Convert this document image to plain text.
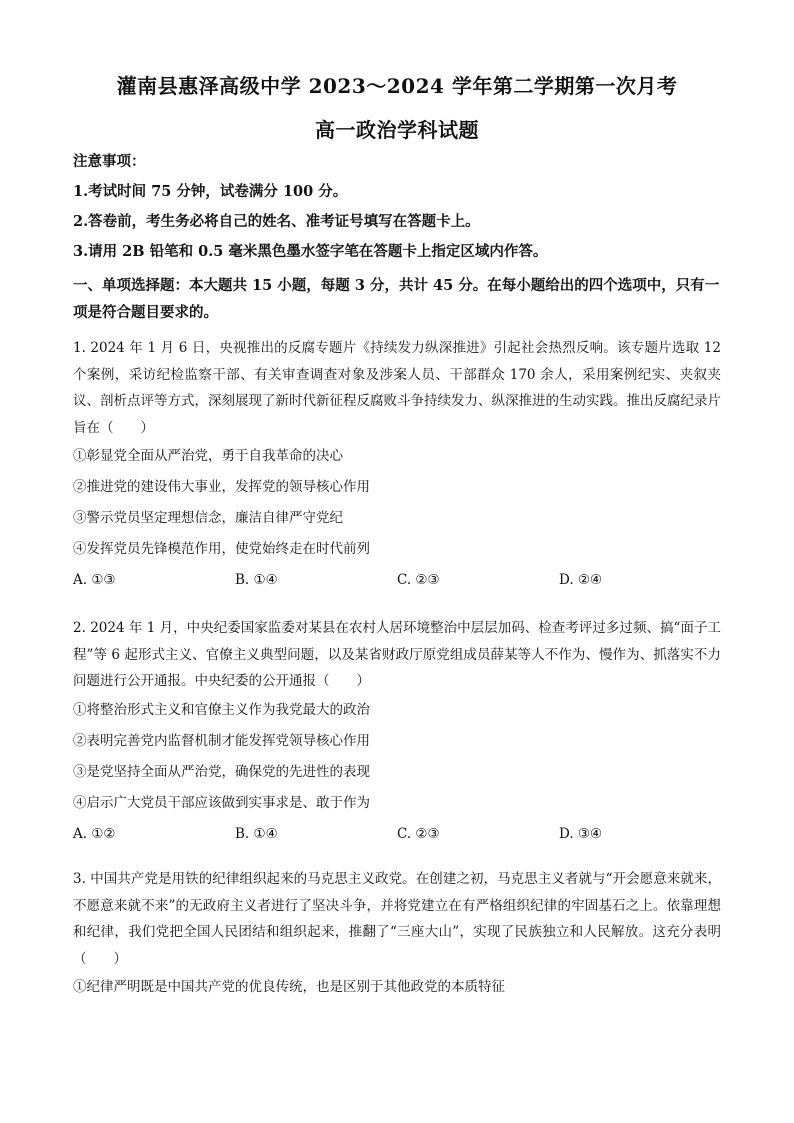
灌南县惠泽高级中学 2023～2024 学年第二学期第一次月考
高一政治学科试题

注意事项：

1.考试时间 75 分钟，试卷满分 100 分。

2.答卷前，考生务必将自己的姓名、准考证号填写在答题卡上。

3.请用 2B 铅笔和 0.5 毫米黑色墨水签字笔在答题卡上指定区域内作答。

一、单项选择题：本大题共 15 小题，每题 3 分，共计 45 分。在每小题给出的四个选项中，只有一项是符合题目要求的。

1. 2024 年 1 月 6 日，央视推出的反腐专题片《持续发力纵深推进》引起社会热烈反响。该专题片选取 12 个案例，采访纪检监察干部、有关审查调查对象及涉案人员、干部群众 170 余人，采用案例纪实、夹叙夹议、剖析点评等方式，深刻展现了新时代新征程反腐败斗争持续发力、纵深推进的生动实践。推出反腐纪录片旨在（　　）

①彰显党全面从严治党，勇于自我革命的决心

②推进党的建设伟大事业，发挥党的领导核心作用

③警示党员坚定理想信念，廉洁自律严守党纪

④发挥党员先锋模范作用，使党始终走在时代前列

A. ①③	B. ①④	C. ②③	D. ②④

2. 2024 年 1 月，中央纪委国家监委对某县在农村人居环境整治中层层加码、检查考评过多过频、搞“面子工程”等 6 起形式主义、官僚主义典型问题，以及某省财政厅原党组成员薛某等人不作为、慢作为、抓落实不力问题进行公开通报。中央纪委的公开通报（　　）

①将整治形式主义和官僚主义作为我党最大的政治

②表明完善党内监督机制才能发挥党领导核心作用

③是党坚持全面从严治党，确保党的先进性的表现

④启示广大党员干部应该做到实事求是、敢于作为

A. ①②	B. ①④	C. ②③	D. ③④

3. 中国共产党是用铁的纪律组织起来的马克思主义政党。在创建之初，马克思主义者就与“开会愿意来就来，不愿意来就不来”的无政府主义者进行了坚决斗争，并将党建立在有严格组织纪律的牢固基石之上。依靠理想和纪律，我们党把全国人民团结和组织起来，推翻了“三座大山”，实现了民族独立和人民解放。这充分表明（　　）

①纪律严明既是中国共产党的优良传统，也是区别于其他政党的本质特征
